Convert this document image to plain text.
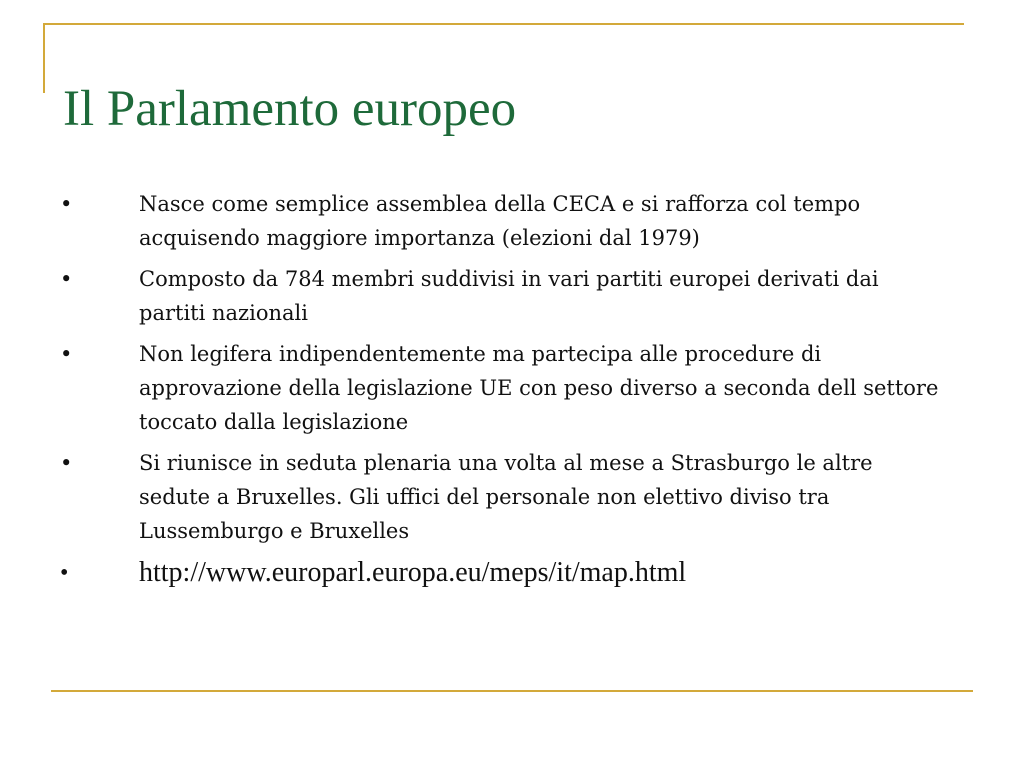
Il Parlamento europeo
•	Nasce come semplice assemblea della CECA e si rafforza col tempo acquisendo maggiore importanza (elezioni dal 1979)
•	Composto da 784 membri suddivisi in vari partiti europei derivati dai partiti nazionali
•	Non legifera indipendentemente ma partecipa alle procedure di approvazione della legislazione UE con peso diverso a seconda dell settore toccato dalla legislazione
•	Si riunisce in seduta plenaria una volta al mese a Strasburgo le altre sedute a Bruxelles. Gli uffici del personale non elettivo diviso tra Lussemburgo e Bruxelles
•	http://www.europarl.europa.eu/meps/it/map.html
